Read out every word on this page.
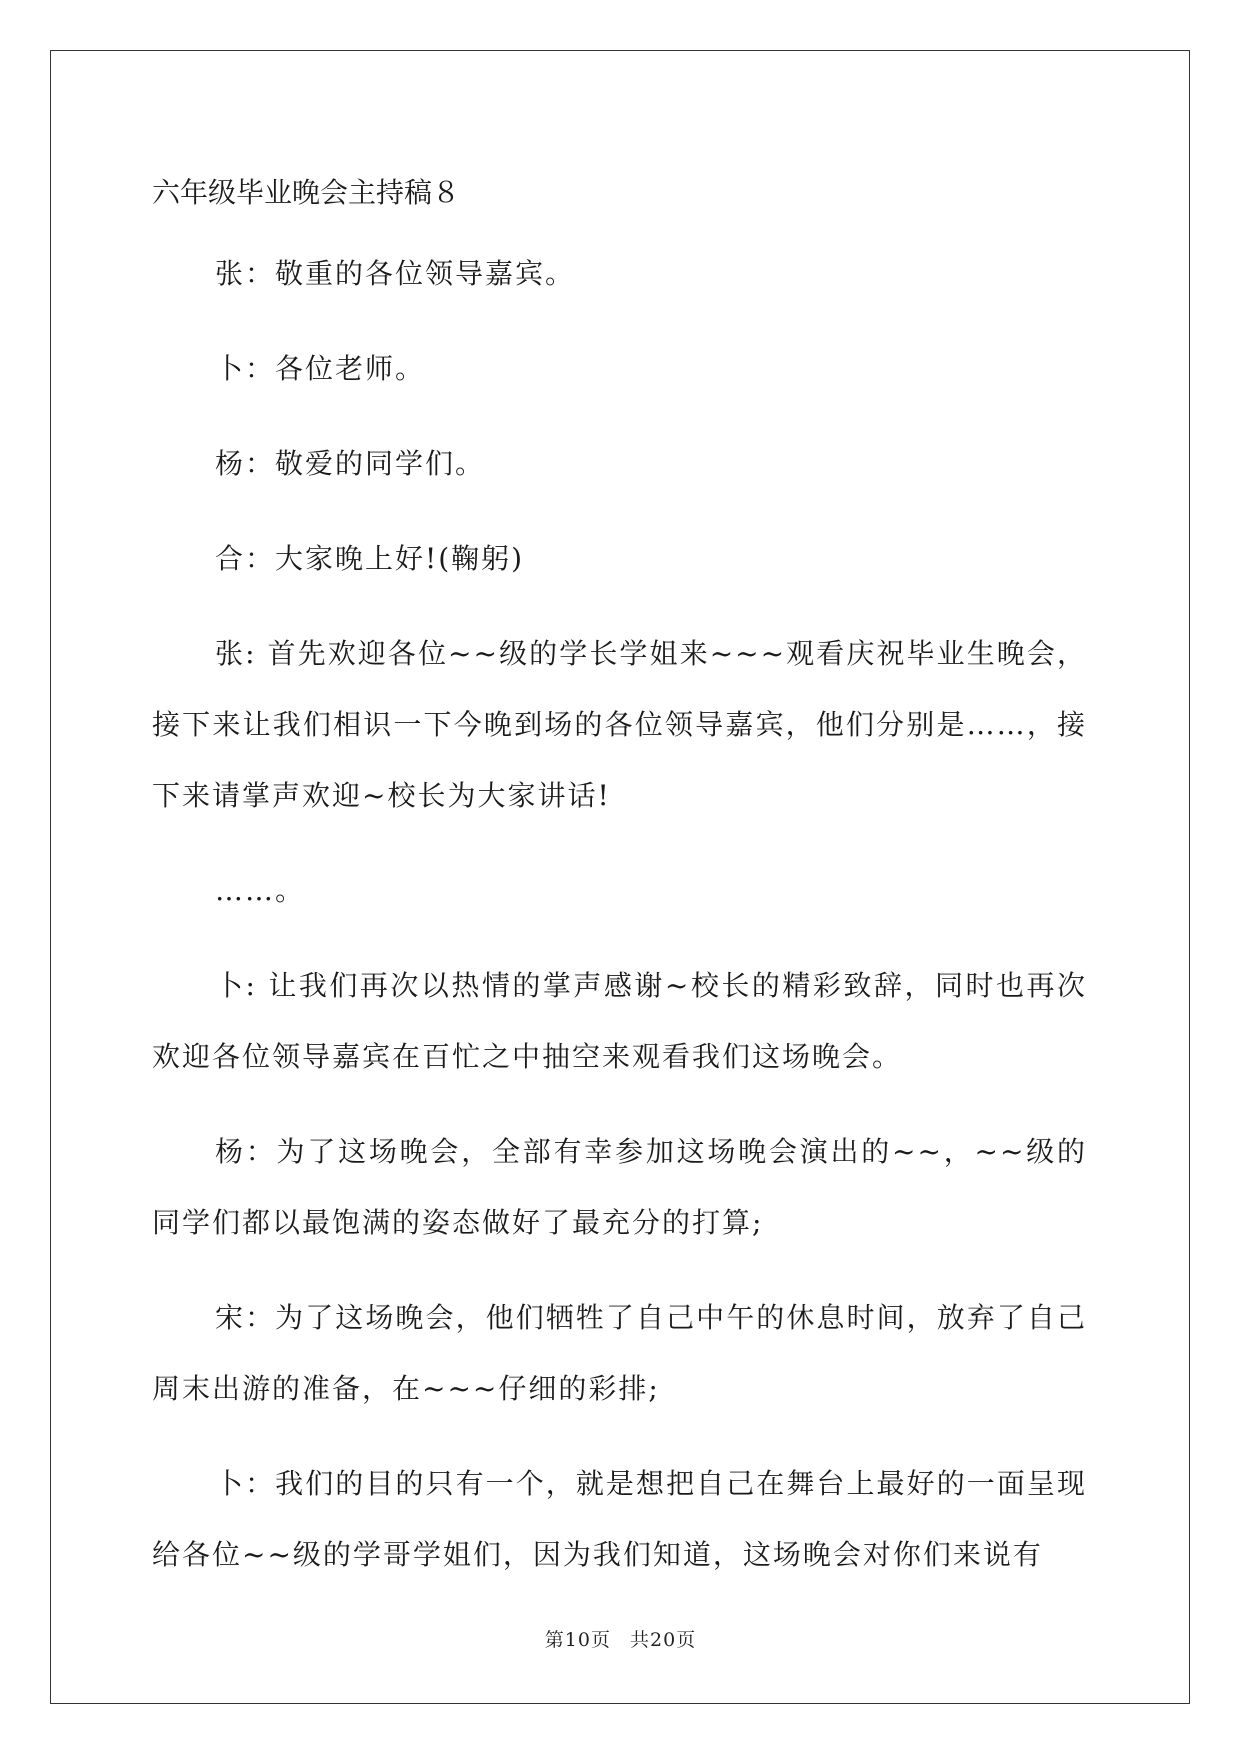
六年级毕业晚会主持稿８

张：敬重的各位领导嘉宾。

卜：各位老师。

杨：敬爱的同学们。

合：大家晚上好!(鞠躬)

张: 首先欢迎各位~~级的学长学姐来~~~观看庆祝毕业生晚会，接下来让我们相识一下今晚到场的各位领导嘉宾，他们分别是……，接下来请掌声欢迎~校长为大家讲话!

……。

卜: 让我们再次以热情的掌声感谢~校长的精彩致辞，同时也再次欢迎各位领导嘉宾在百忙之中抽空来观看我们这场晚会。

杨：为了这场晚会，全部有幸参加这场晚会演出的~~，~~级的同学们都以最饱满的姿态做好了最充分的打算;

宋：为了这场晚会，他们牺牲了自己中午的休息时间，放弃了自己周末出游的准备，在~~~仔细的彩排;

卜：我们的目的只有一个，就是想把自己在舞台上最好的一面呈现给各位~~级的学哥学姐们，因为我们知道，这场晚会对你们来说有

第10页 共20页
